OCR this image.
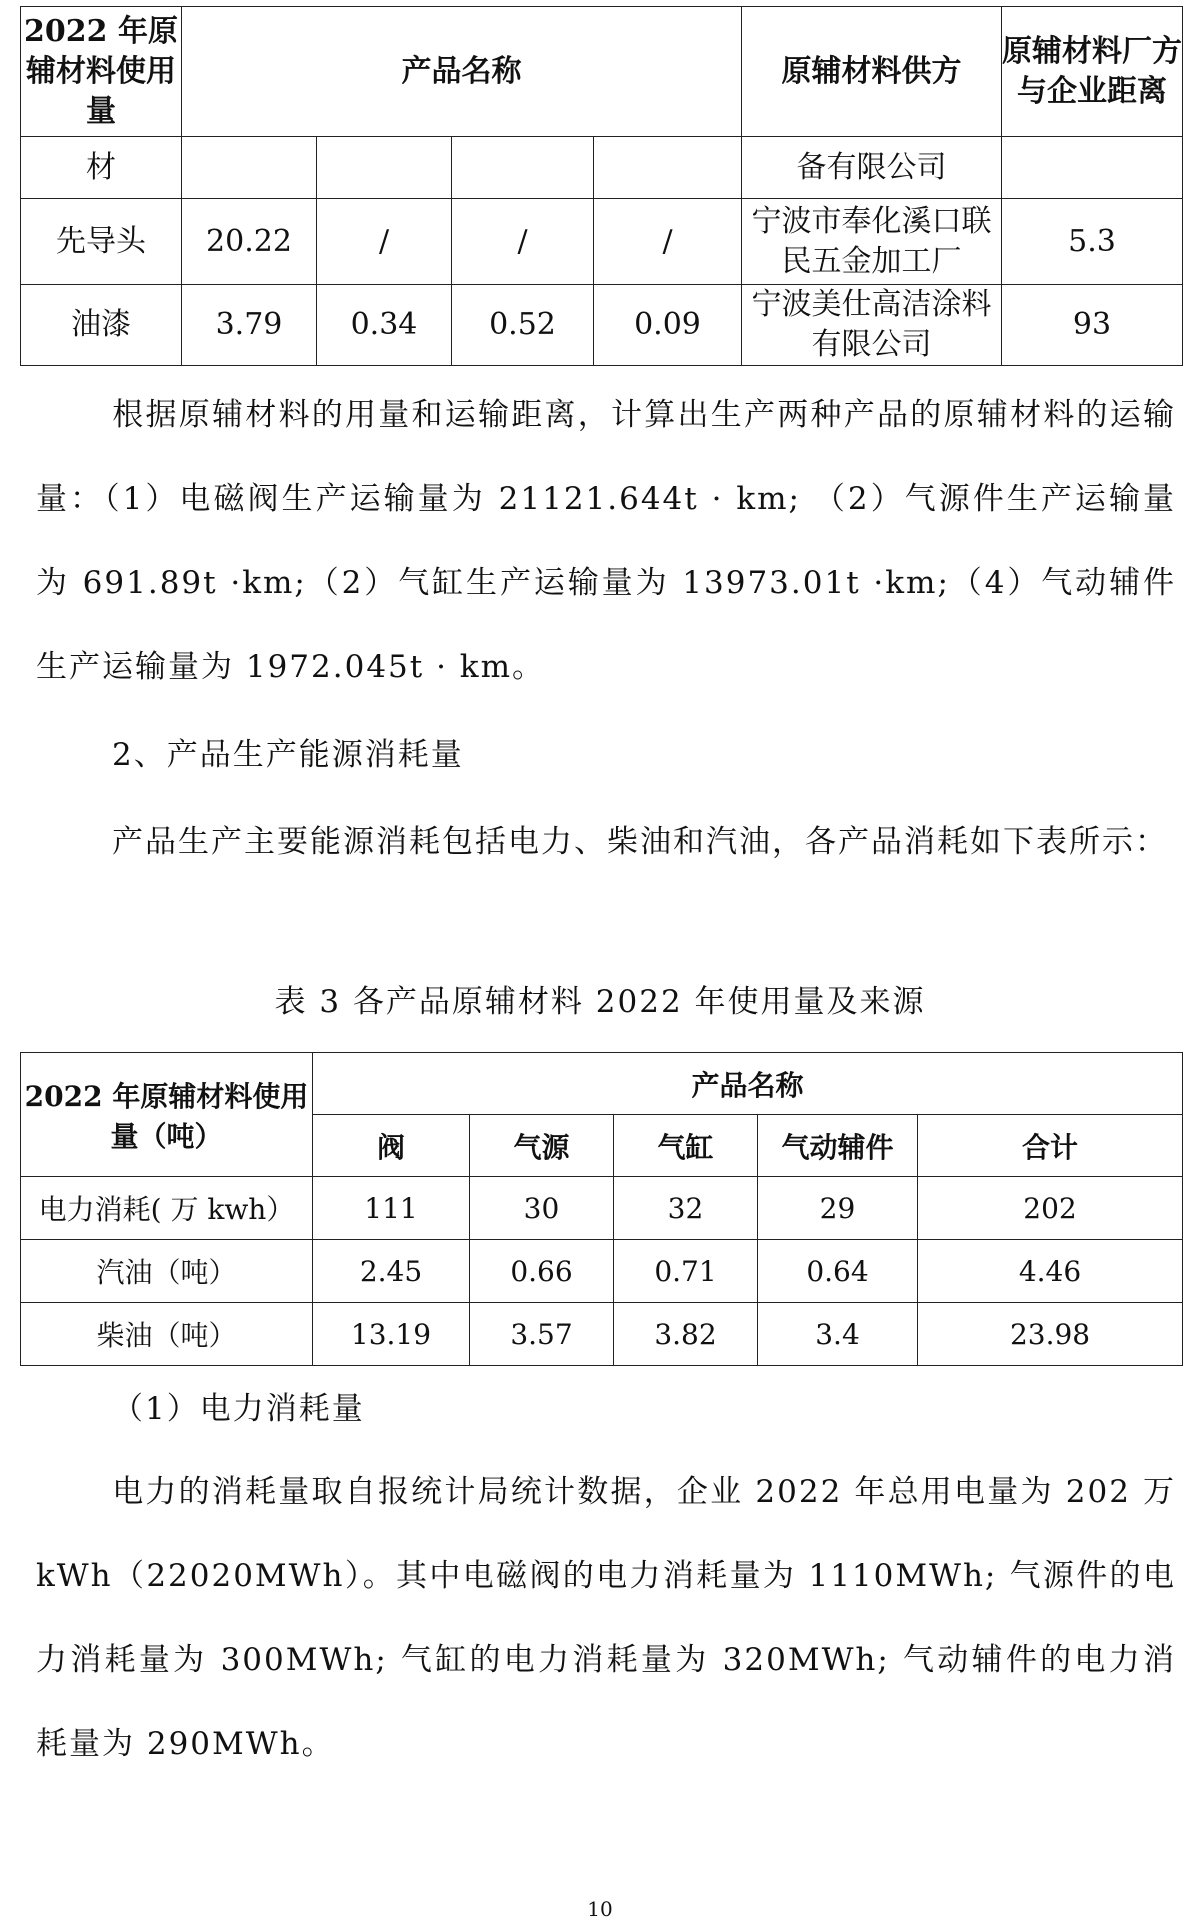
2022 年原辅材料使用量	产品名称				原辅材料供方	原辅材料厂方与企业距离
材					备有限公司	
先导头	20.22	/	/	/	宁波市奉化溪口联民五金加工厂	5.3
油漆	3.79	0.34	0.52	0.09	宁波美仕高洁涂料有限公司	93

根据原辅材料的用量和运输距离，计算出生产两种产品的原辅材料的运输量：（1）电磁阀生产运输量为 21121.644t · km; （2）气源件生产运输量为 691.89t ·km;（2）气缸生产运输量为 13973.01t ·km;（4）气动辅件生产运输量为 1972.045t · km。

2、产品生产能源消耗量

产品生产主要能源消耗包括电力、柴油和汽油，各产品消耗如下表所示：

表 3 各产品原辅材料 2022 年使用量及来源
2022 年原辅材料使用量（吨）	产品名称				
	阀	气源	气缸	气动辅件	合计
电力消耗( 万 kwh）	111	30	32	29	202
汽油（吨）	2.45	0.66	0.71	0.64	4.46
柴油（吨）	13.19	3.57	3.82	3.4	23.98
（1）电力消耗量

电力的消耗量取自报统计局统计数据，企业 2022 年总用电量为 202 万 kWh（22020MWh）。其中电磁阀的电力消耗量为 1110MWh; 气源件的电力消耗量为 300MWh; 气缸的电力消耗量为 320MWh; 气动辅件的电力消耗量为 290MWh。

10
